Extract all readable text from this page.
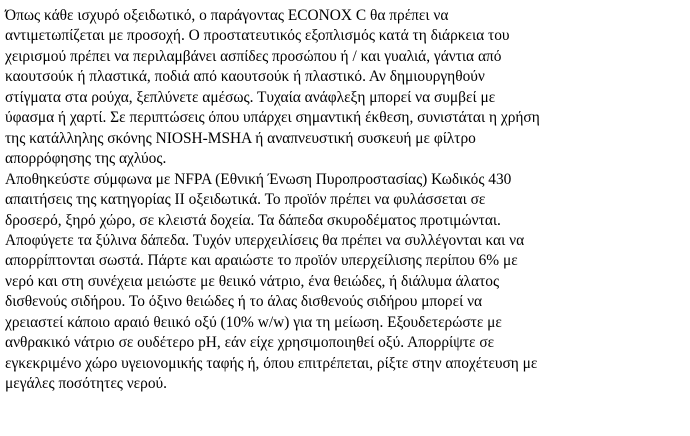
Όπως κάθε ισχυρό οξειδωτικό, ο παράγοντας ECONOX C θα πρέπει να
αντιμετωπίζεται με προσοχή. Ο προστατευτικός εξοπλισμός κατά τη διάρκεια του
χειρισμού πρέπει να περιλαμβάνει ασπίδες προσώπου ή / και γυαλιά, γάντια από
καουτσούκ ή πλαστικά, ποδιά από καουτσούκ ή πλαστικό. Αν δημιουργηθούν
στίγματα στα ρούχα, ξεπλύνετε αμέσως. Τυχαία ανάφλεξη μπορεί να συμβεί με
ύφασμα ή χαρτί. Σε περιπτώσεις όπου υπάρχει σημαντική έκθεση, συνιστάται η χρήση
της κατάλληλης σκόνης NIOSH-MSHA ή αναπνευστική συσκευή με φίλτρο
απορρόφησης της αχλύος.
Αποθηκεύστε σύμφωνα με NFPA (Εθνική Ένωση Πυροπροστασίας) Κωδικός 430
απαιτήσεις της κατηγορίας II οξειδωτικά. Το προϊόν πρέπει να φυλάσσεται σε
δροσερό, ξηρό χώρο, σε κλειστά δοχεία. Τα δάπεδα σκυροδέματος προτιμώνται.
Αποφύγετε τα ξύλινα δάπεδα. Τυχόν υπερχειλίσεις θα πρέπει να συλλέγονται και να
απορρίπτονται σωστά. Πάρτε και αραιώστε το προϊόν υπερχείλισης περίπου 6% με
νερό και στη συνέχεια μειώστε με θειικό νάτριο, ένα θειώδες, ή διάλυμα άλατος
δισθενούς σιδήρου. Το όξινο θειώδες ή το άλας δισθενούς σιδήρου μπορεί να
χρειαστεί κάποιο αραιό θειικό οξύ (10% w/w) για τη μείωση. Εξουδετερώστε με
ανθρακικό νάτριο σε ουδέτερο pH, εάν είχε χρησιμοποιηθεί οξύ. Απορρίψτε σε
εγκεκριμένο χώρο υγειονομικής ταφής ή, όπου επιτρέπεται, ρίξτε στην αποχέτευση με
μεγάλες ποσότητες νερού.
